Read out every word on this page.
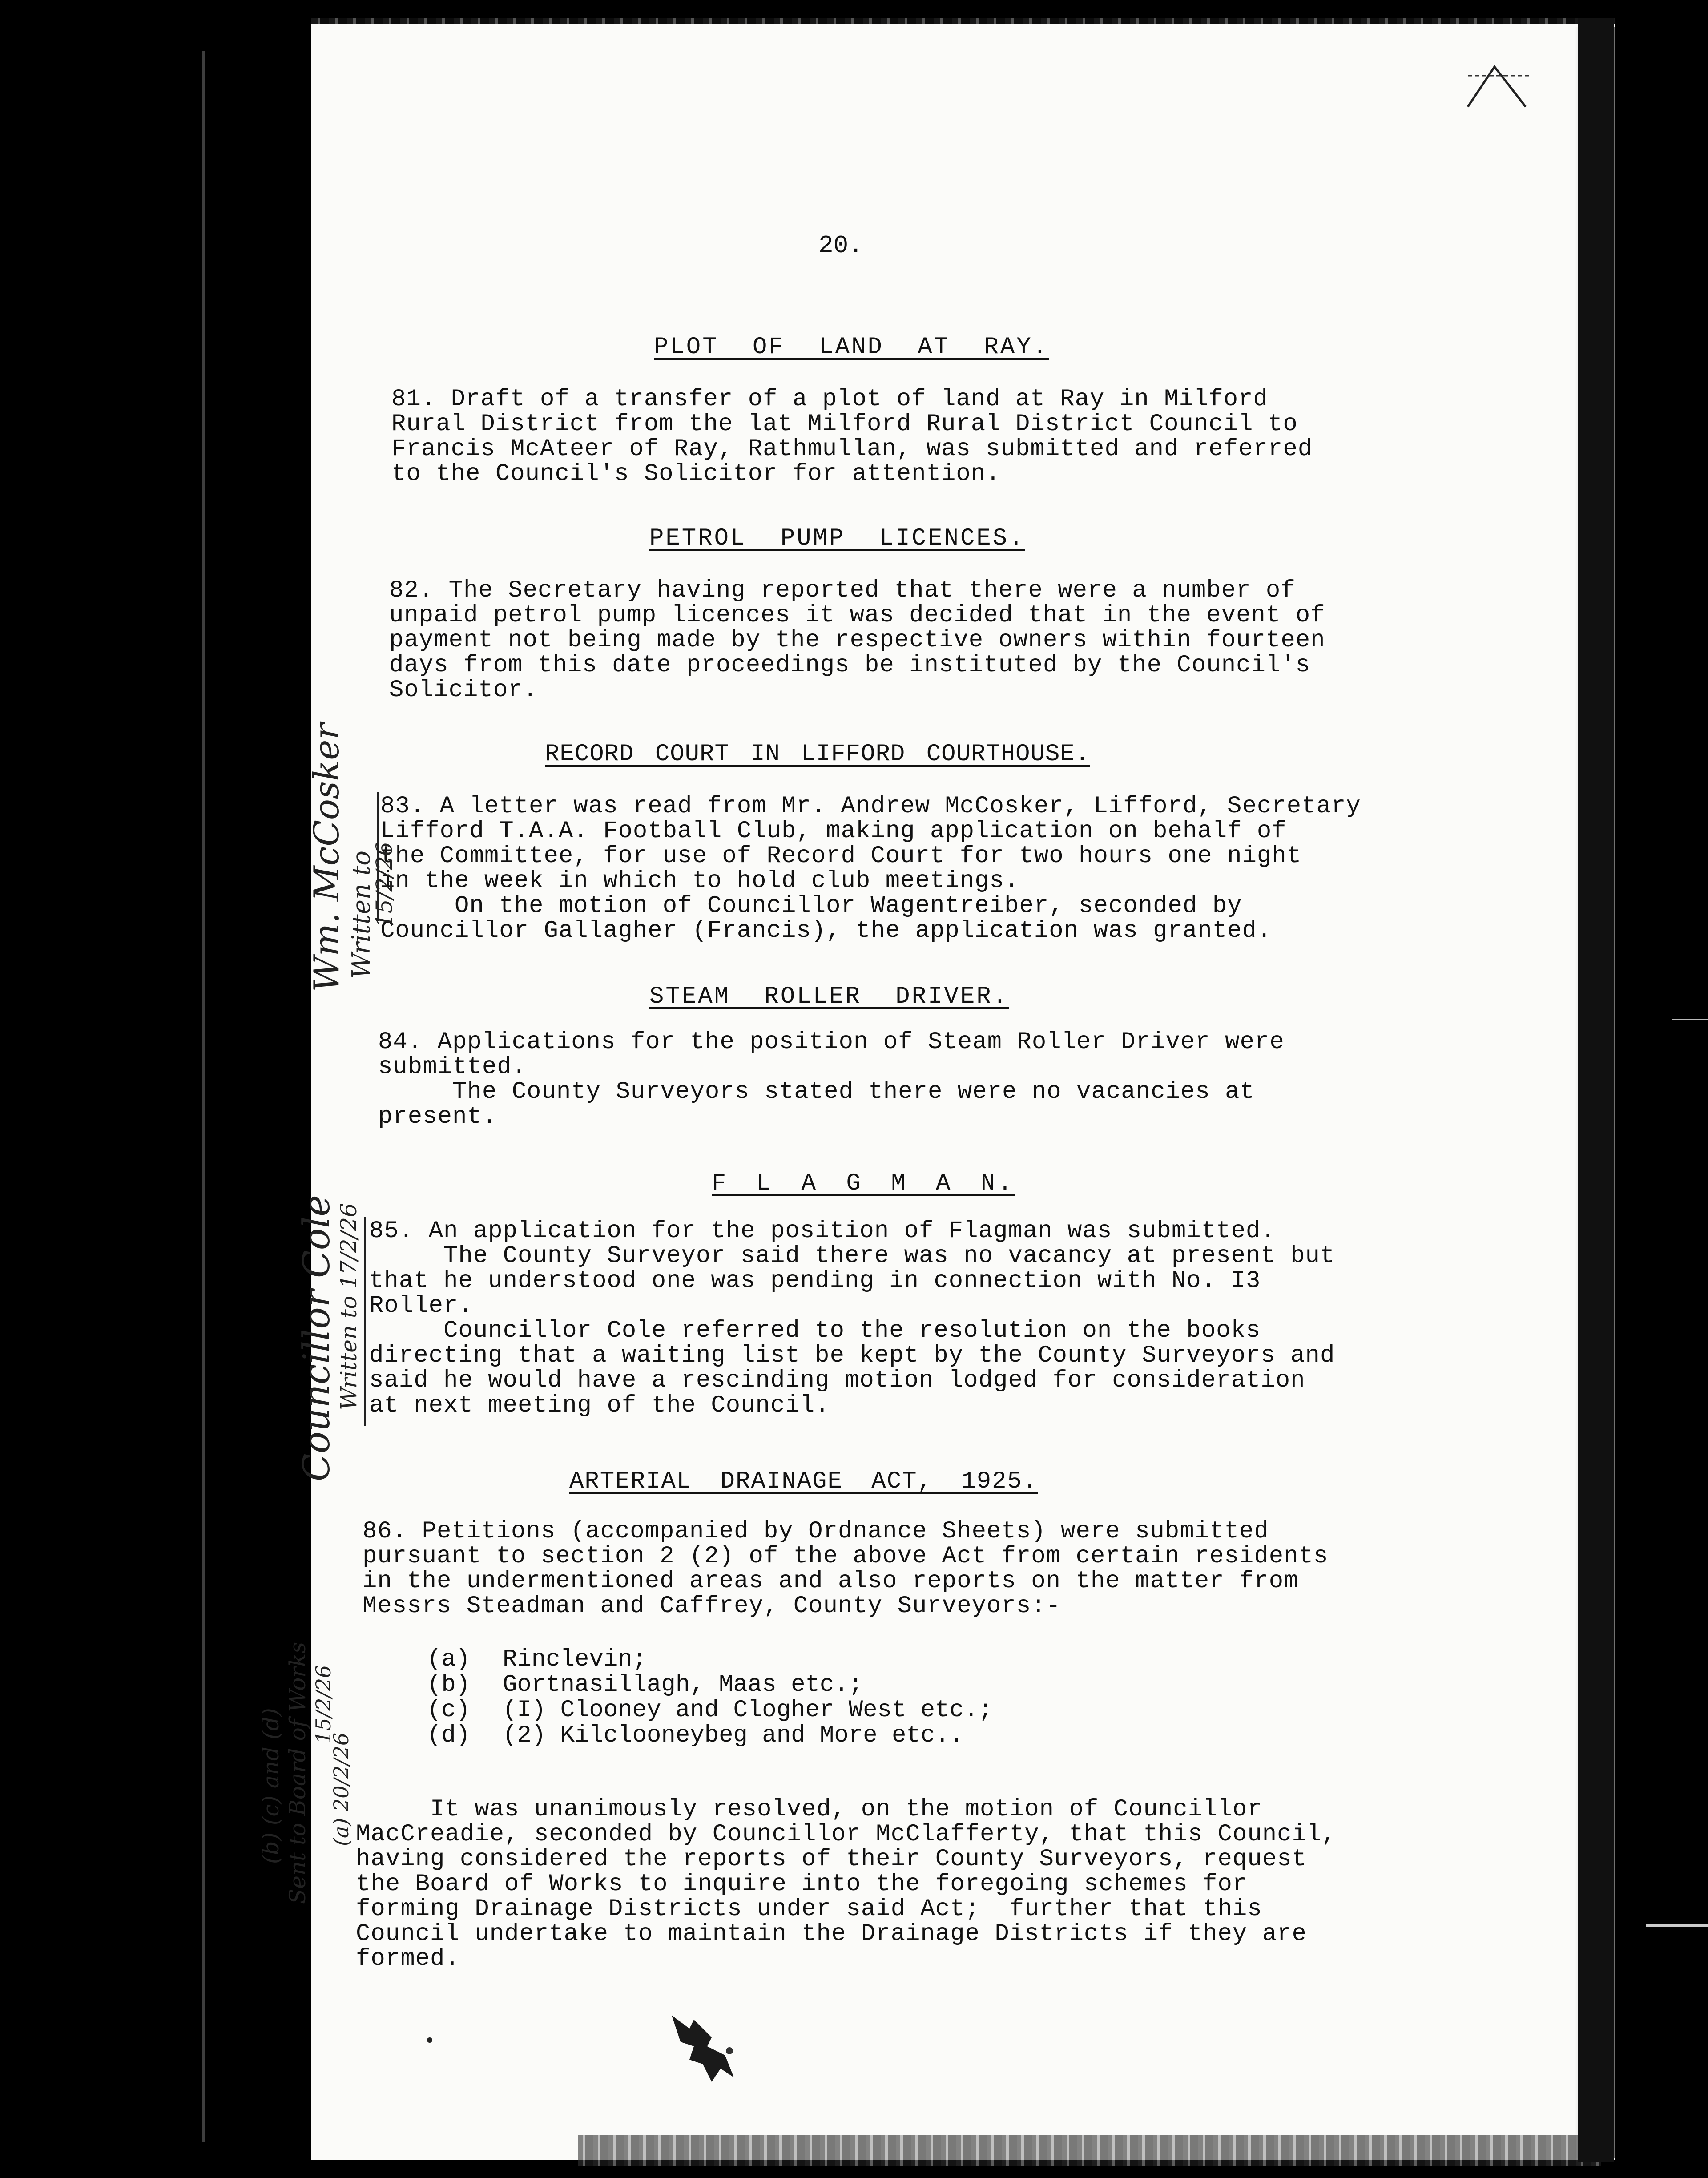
20.
PLOT OF LAND AT RAY.
81. Draft of a transfer of a plot of land at Ray in Milford
Rural District from the lat Milford Rural District Council to
Francis McAteer of Ray, Rathmullan, was submitted and referred
to the Council's Solicitor for attention.
PETROL PUMP LICENCES.
82. The Secretary having reported that there were a number of
unpaid petrol pump licences it was decided that in the event of
payment not being made by the respective owners within fourteen
days from this date proceedings be instituted by the Council's
Solicitor.
RECORD COURT IN LIFFORD COURTHOUSE.
83. A letter was read from Mr. Andrew McCosker, Lifford, Secretary
Lifford T.A.A. Football Club, making application on behalf of
the Committee, for use of Record Court for two hours one night
in the week in which to hold club meetings.
On the motion of Councillor Wagentreiber, seconded by
Councillor Gallagher (Francis), the application was granted.
Wm. McCosker Written to
15/2/26
STEAM ROLLER DRIVER.
84. Applications for the position of Steam Roller Driver were
submitted.
The County Surveyors stated there were no vacancies at
present.
F L A G M A N.
85. An application for the position of Flagman was submitted.
The County Surveyor said there was no vacancy at present but
that he understood one was pending in connection with No. I3
Roller.
Councillor Cole referred to the resolution on the books
directing that a waiting list be kept by the County Surveyors and
said he would have a rescinding motion lodged for consideration
at next meeting of the Council.
Councillor Cole
Written to 17/2/26
ARTERIAL DRAINAGE ACT, 1925.
86. Petitions (accompanied by Ordnance Sheets) were submitted
pursuant to section 2 (2) of the above Act from certain residents
in the undermentioned areas and also reports on the matter from
Messrs Steadman and Caffrey, County Surveyors:-
(a) Rinclevin;
(b) Gortnasillagh, Maas etc.;
(c) (I) Clooney and Clogher West etc.;
(d) (2) Kilclooneybeg and More etc..
It was unanimously resolved, on the motion of Councillor
MacCreadie, seconded by Councillor McClafferty, that this Council,
having considered the reports of their County Surveyors, request
the Board of Works to inquire into the foregoing schemes for
forming Drainage Districts under said Act;  further that this
Council undertake to maintain the Drainage Districts if they are
formed.
(b) (c) and (d) Sent to Board of Works 15/2/26
(a) 20/2/26
